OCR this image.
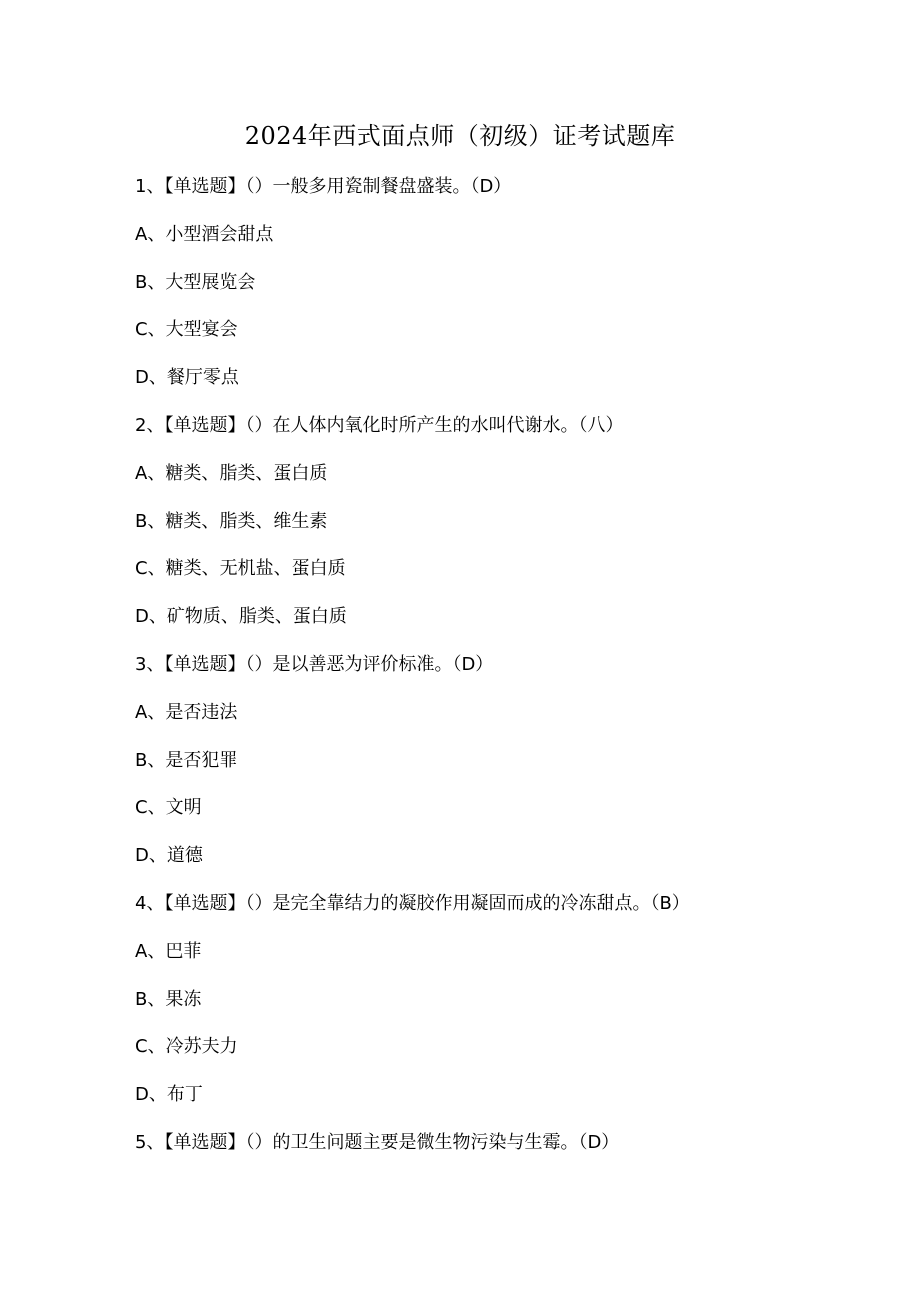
2024年西式面点师（初级）证考试题库
1、【单选题】（）一般多用瓷制餐盘盛装。（D）
A、小型酒会甜点
B、大型展览会
C、大型宴会
D、餐厅零点
2、【单选题】（）在人体内氧化时所产生的水叫代谢水。（八）
A、糖类、脂类、蛋白质
B、糖类、脂类、维生素
C、糖类、无机盐、蛋白质
D、矿物质、脂类、蛋白质
3、【单选题】（）是以善恶为评价标准。（D）
A、是否违法
B、是否犯罪
C、文明
D、道德
4、【单选题】（）是完全靠结力的凝胶作用凝固而成的冷冻甜点。（B）
A、巴菲
B、果冻
C、冷苏夫力
D、布丁
5、【单选题】（）的卫生问题主要是微生物污染与生霉。（D）
